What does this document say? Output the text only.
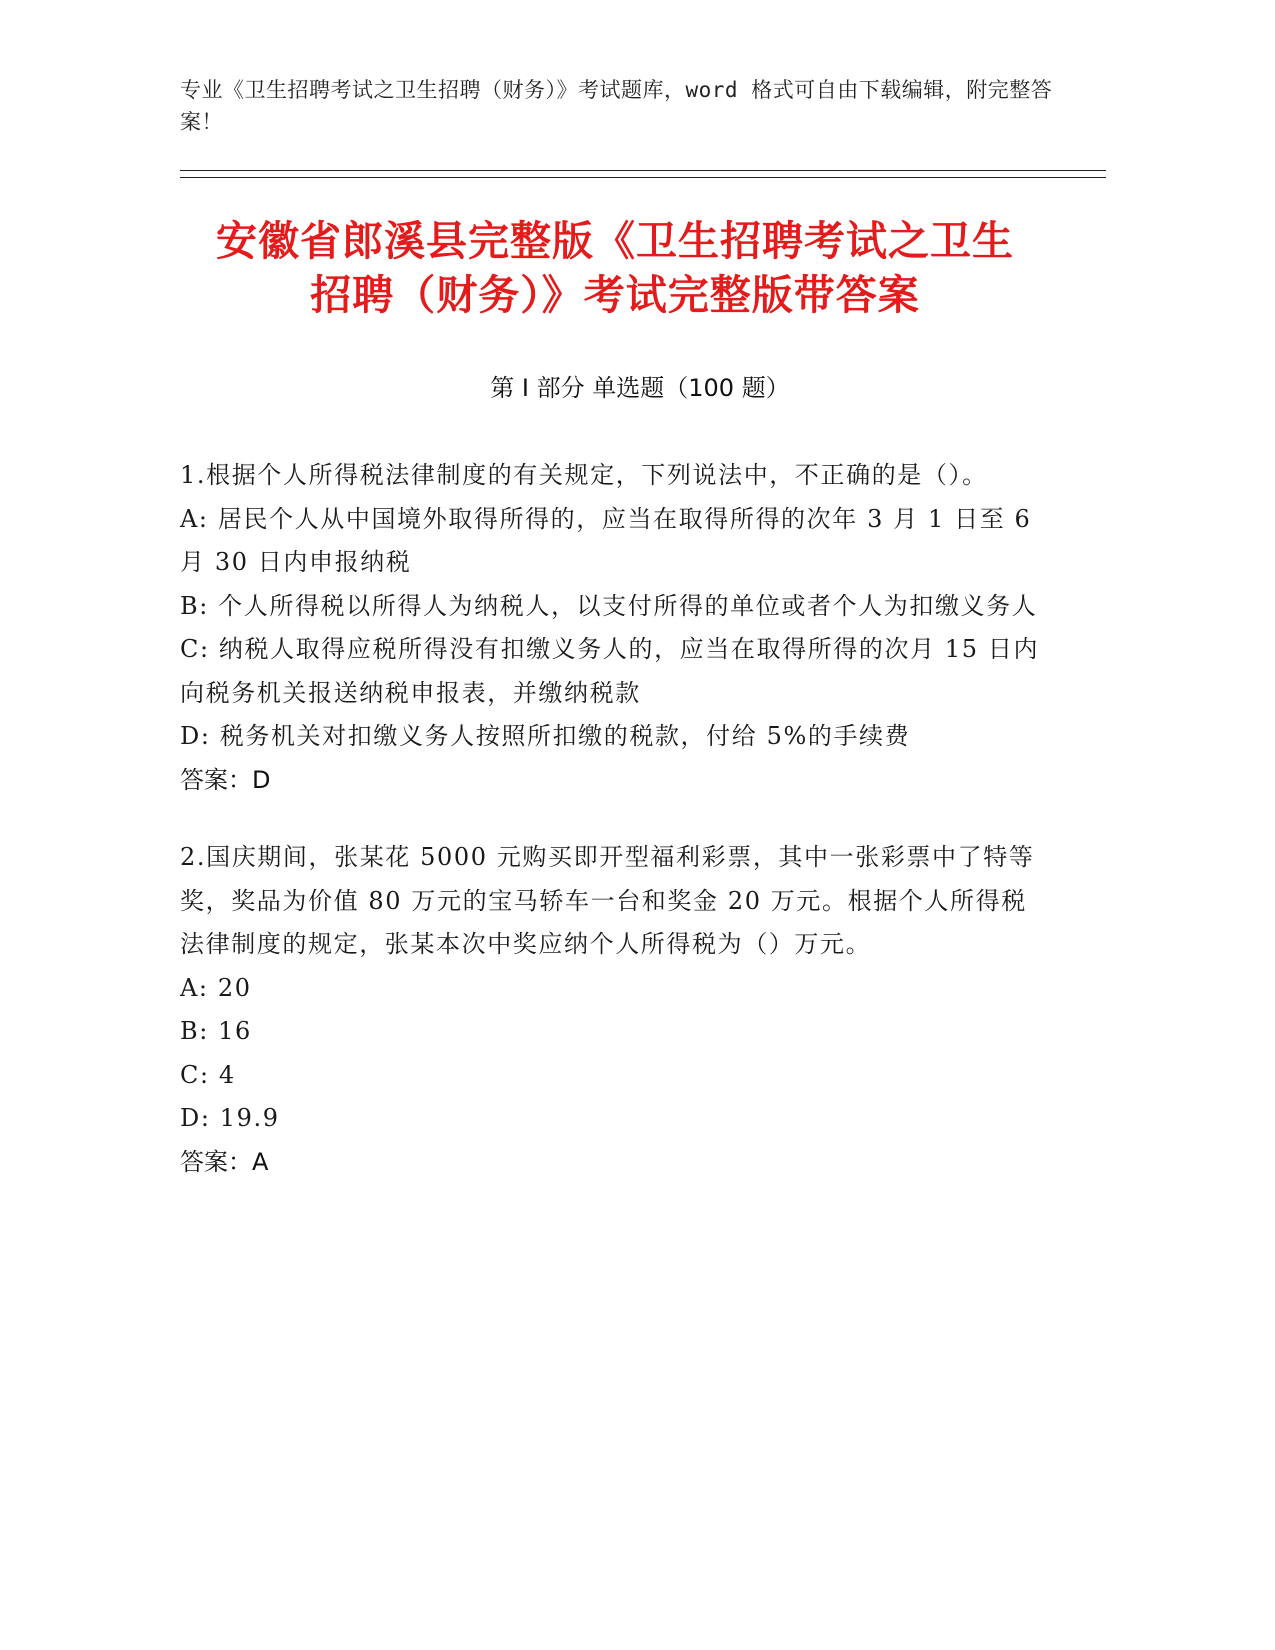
专业《卫生招聘考试之卫生招聘（财务）》考试题库，word 格式可自由下载编辑，附完整答案！
安徽省郎溪县完整版《卫生招聘考试之卫生
招聘（财务）》考试完整版带答案
第 I 部分 单选题（100 题）
1.根据个人所得税法律制度的有关规定，下列说法中，不正确的是（）。
A: 居民个人从中国境外取得所得的，应当在取得所得的次年 3 月 1 日至 6 月 30 日内申报纳税
B: 个人所得税以所得人为纳税人，以支付所得的单位或者个人为扣缴义务人
C: 纳税人取得应税所得没有扣缴义务人的，应当在取得所得的次月 15 日内向税务机关报送纳税申报表，并缴纳税款
D: 税务机关对扣缴义务人按照所扣缴的税款，付给 5%的手续费
答案：D
2.国庆期间，张某花 5000 元购买即开型福利彩票，其中一张彩票中了特等奖，奖品为价值 80 万元的宝马轿车一台和奖金 20 万元。根据个人所得税法律制度的规定，张某本次中奖应纳个人所得税为（）万元。
A: 20
B: 16
C: 4
D: 19.9
答案：A
